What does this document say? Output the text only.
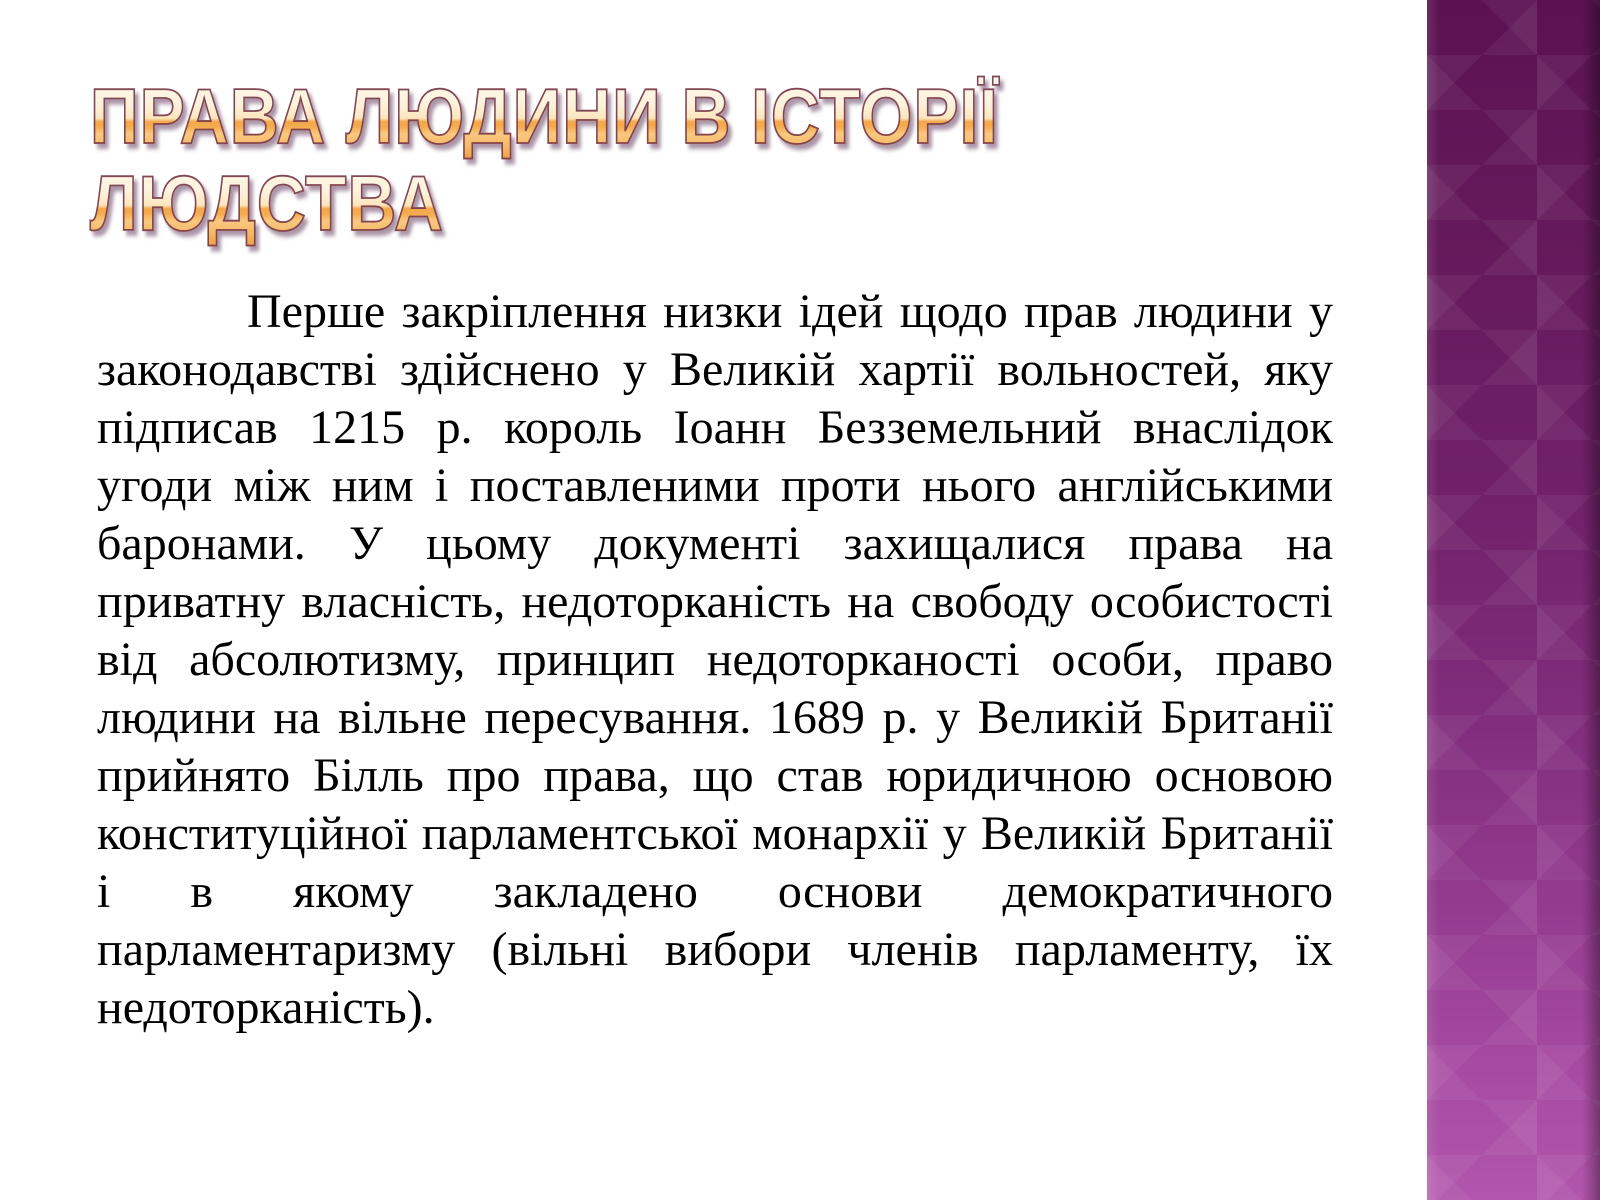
ПРАВА ЛЮДИНИ В ІСТОРІЇ
ЛЮДСТВА

Перше закріплення низки ідей щодо прав людини у законодавстві здійснено у Великій хартії вольностей, яку підписав 1215 р. король Іоанн Безземельний внаслідок угоди між ним і поставленими проти нього англійськими баронами. У цьому документі захищалися права на приватну власність, недоторканість на свободу особистості від абсолютизму, принцип недоторканості особи, право людини на вільне пересування. 1689 р. у Великій Британії прийнято Білль про права, що став юридичною основою конституційної парламентської монархії у Великій Британії і в якому закладено основи демократичного парламентаризму (вільні вибори членів парламенту, їх недоторканість).
